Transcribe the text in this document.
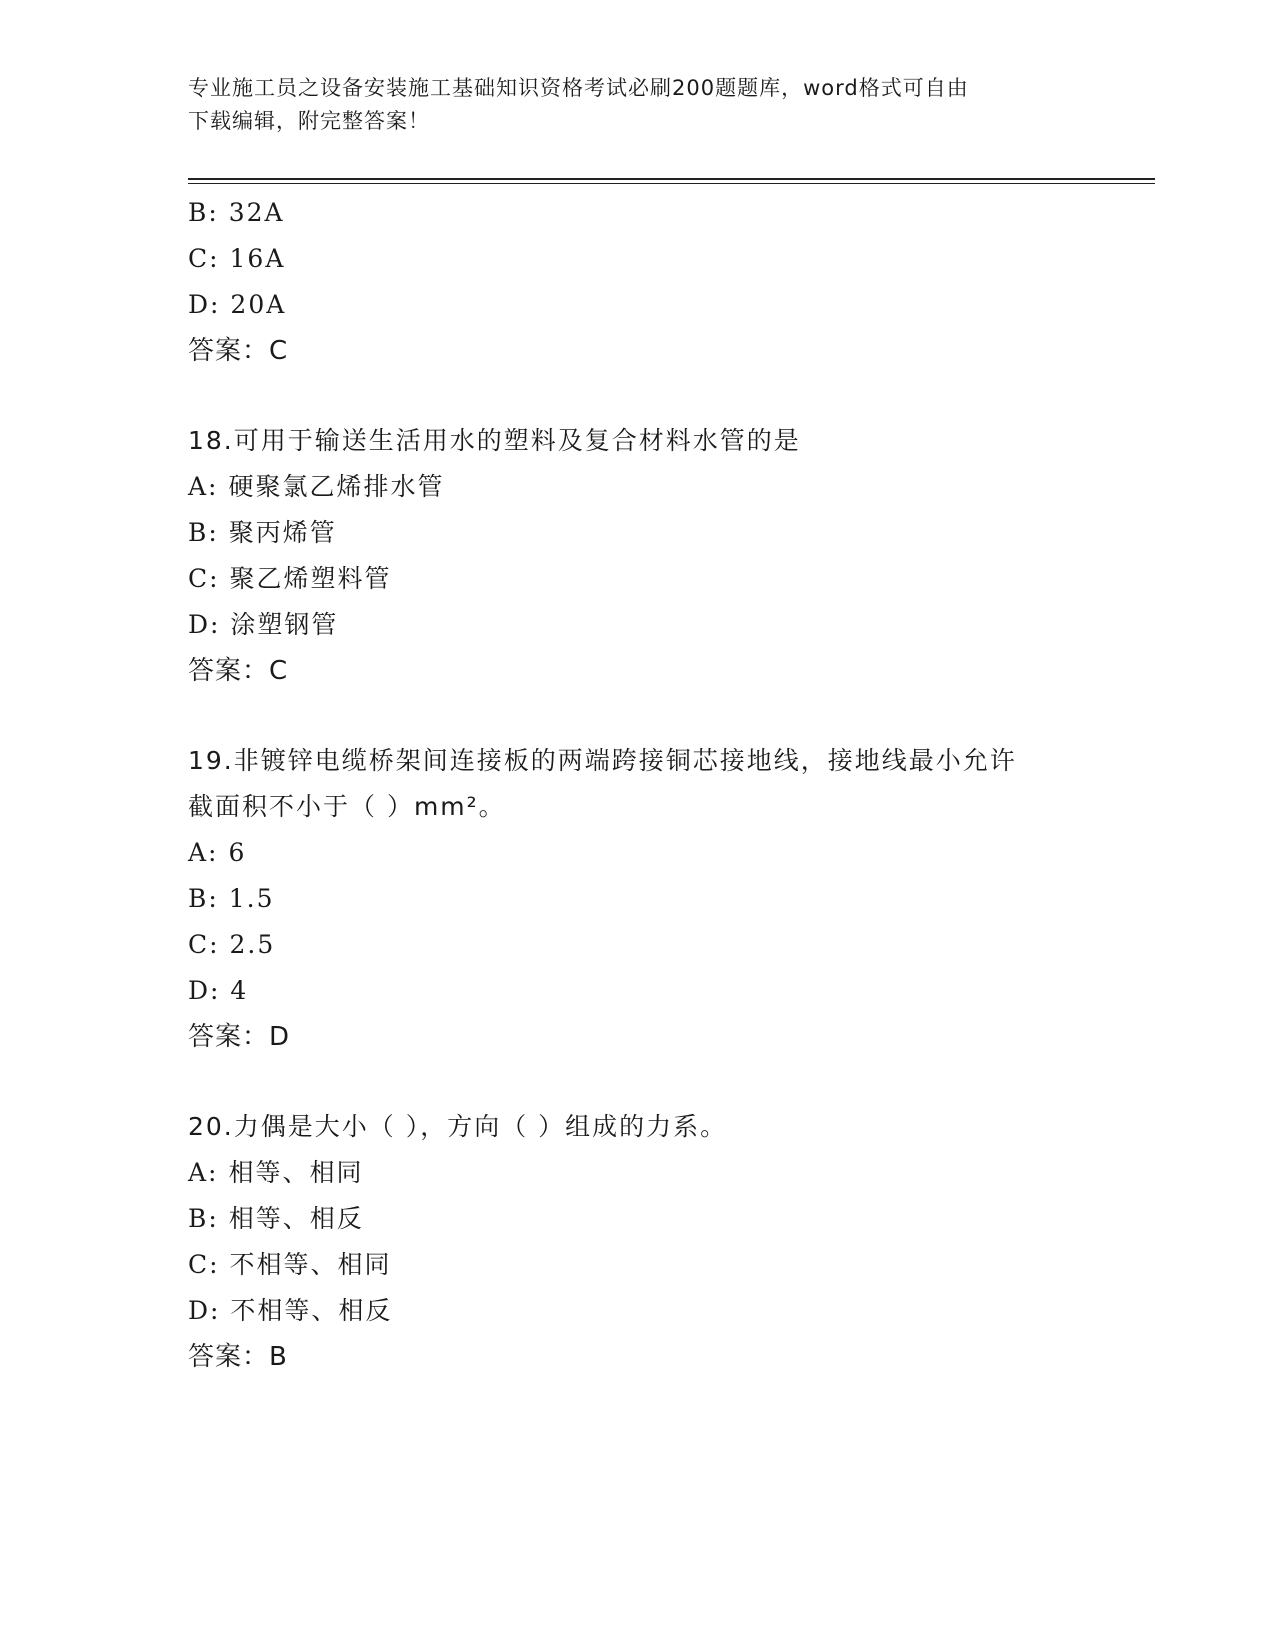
专业施工员之设备安装施工基础知识资格考试必刷200题题库，word格式可自由
下载编辑，附完整答案！
B: 32A
C: 16A
D: 20A
答案：C
18.可用于输送生活用水的塑料及复合材料水管的是
A: 硬聚氯乙烯排水管
B: 聚丙烯管
C: 聚乙烯塑料管
D: 涂塑钢管
答案：C
19.非镀锌电缆桥架间连接板的两端跨接铜芯接地线，接地线最小允许
截面积不小于（ ）mm²。
A: 6
B: 1.5
C: 2.5
D: 4
答案：D
20.力偶是大小（ ），方向（ ）组成的力系。
A: 相等、相同
B: 相等、相反
C: 不相等、相同
D: 不相等、相反
答案：B
